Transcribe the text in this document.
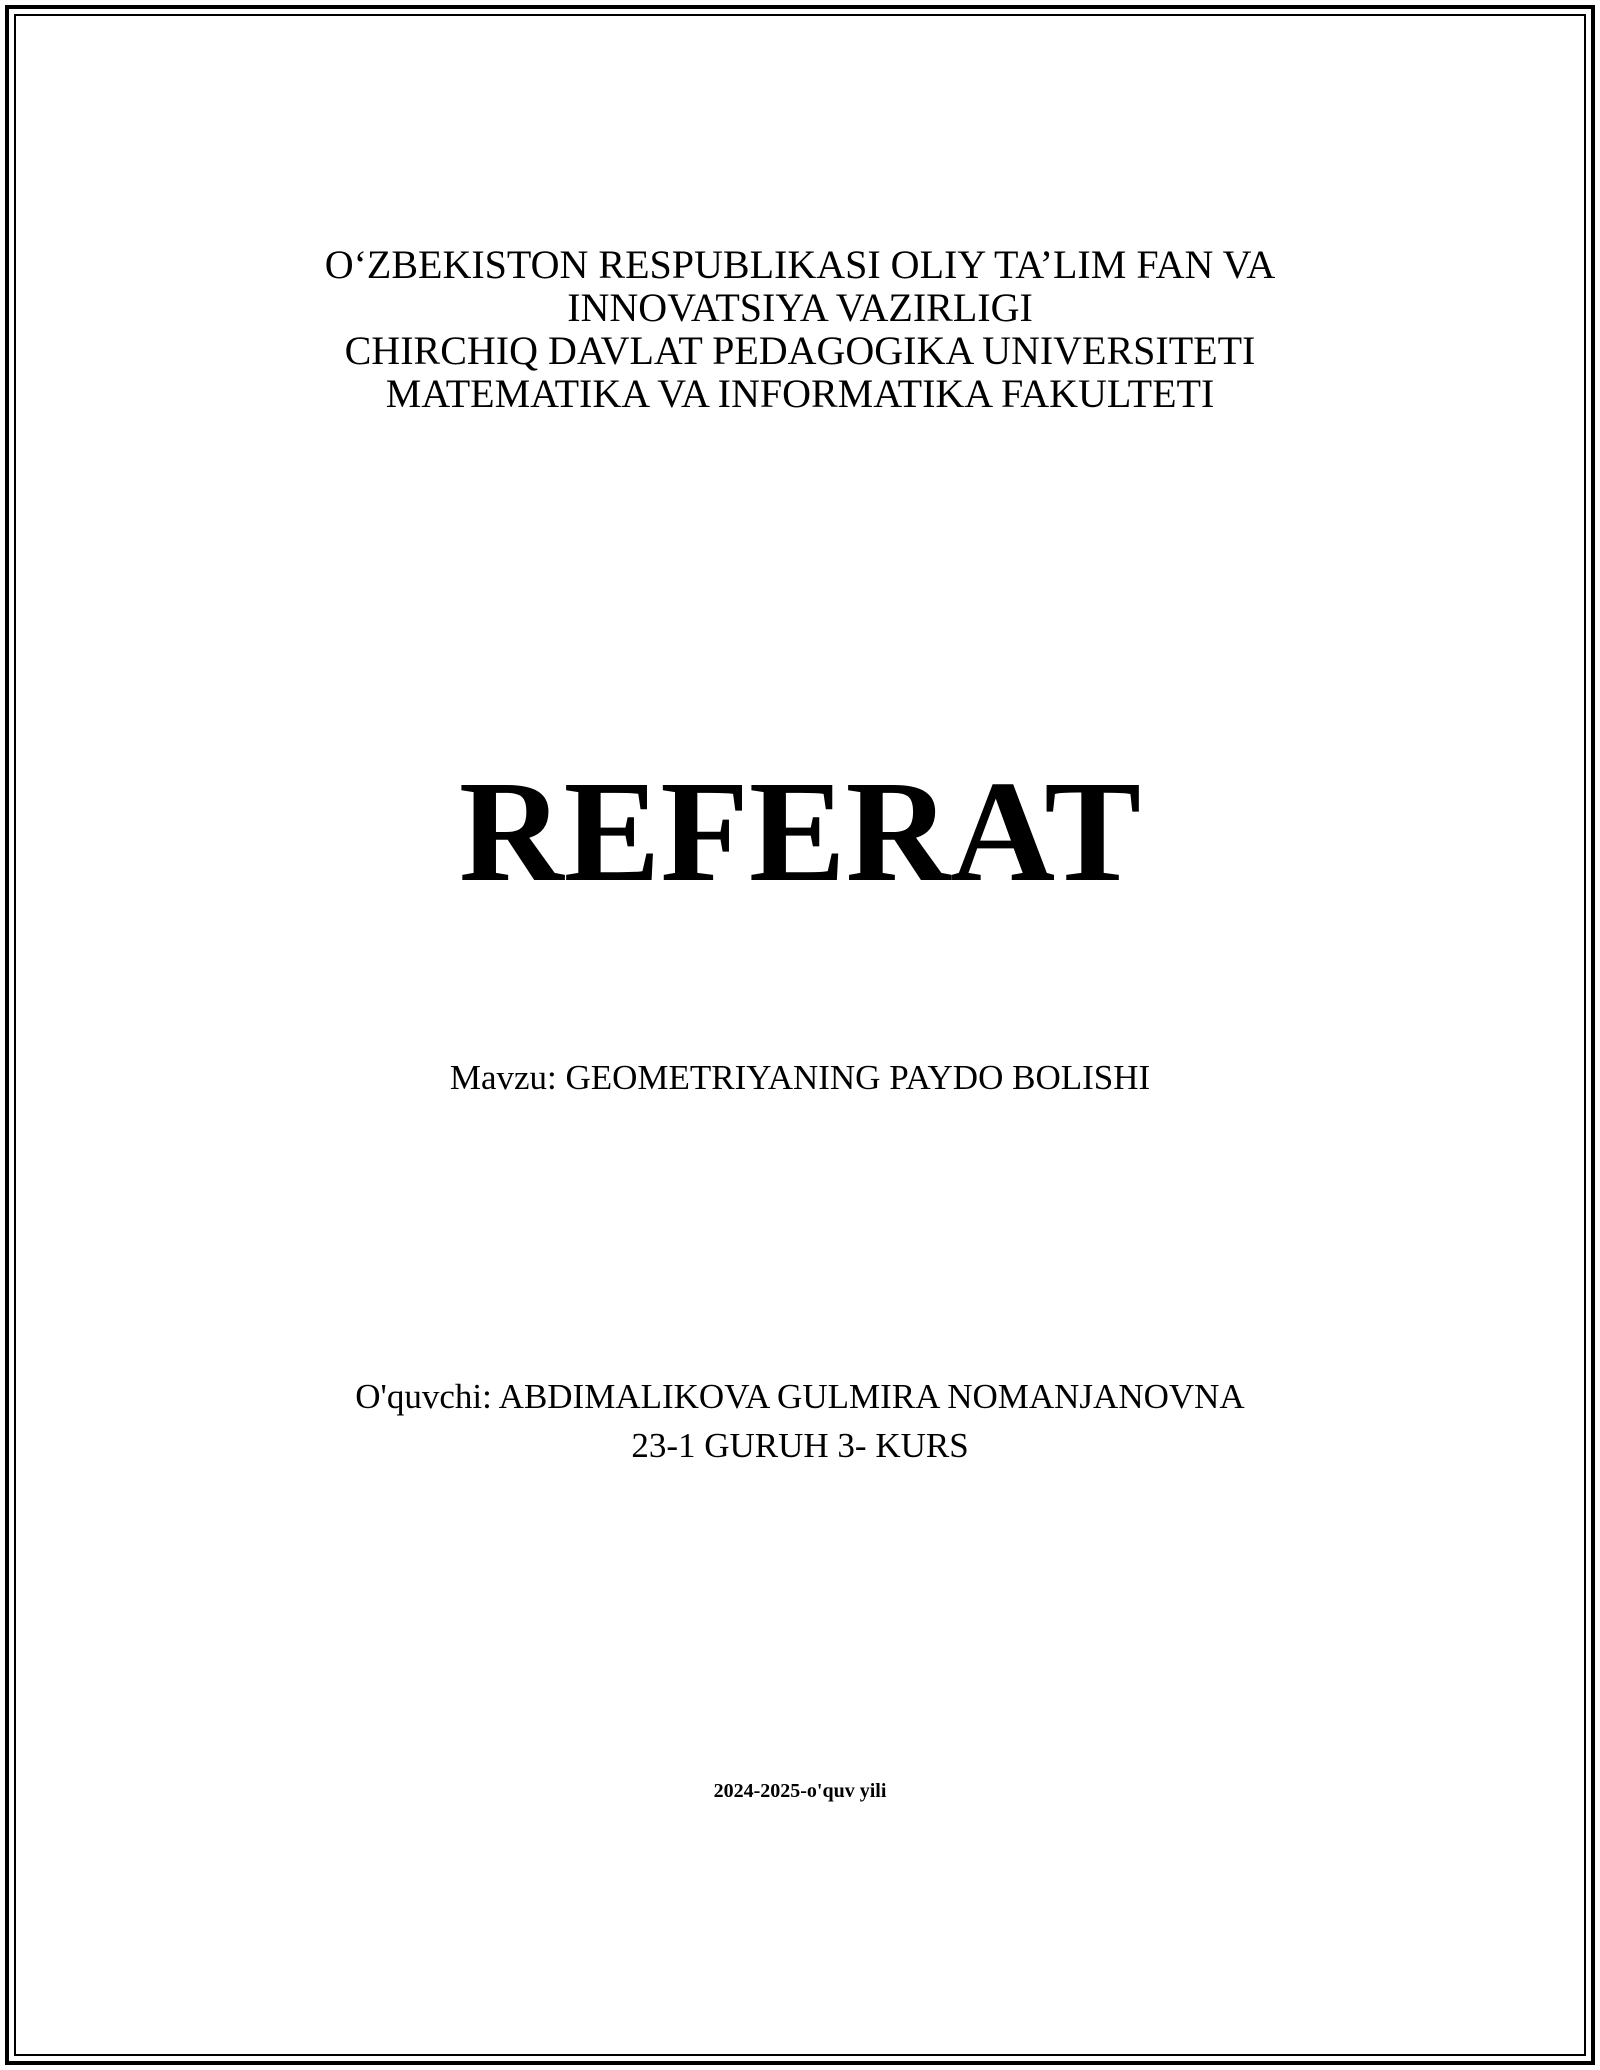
O‘ZBEKISTON RESPUBLIKASI OLIY TA’LIM FAN VA
INNOVATSIYA VAZIRLIGI
CHIRCHIQ DAVLAT PEDAGOGIKA UNIVERSITETI
MATEMATIKA VA INFORMATIKA FAKULTETI
REFERAT
Mavzu: GEOMETRIYANING PAYDO BOLISHI
O'quvchi: ABDIMALIKOVA GULMIRA NOMANJANOVNA
23-1 GURUH 3- KURS
2024-2025-o'quv yili
